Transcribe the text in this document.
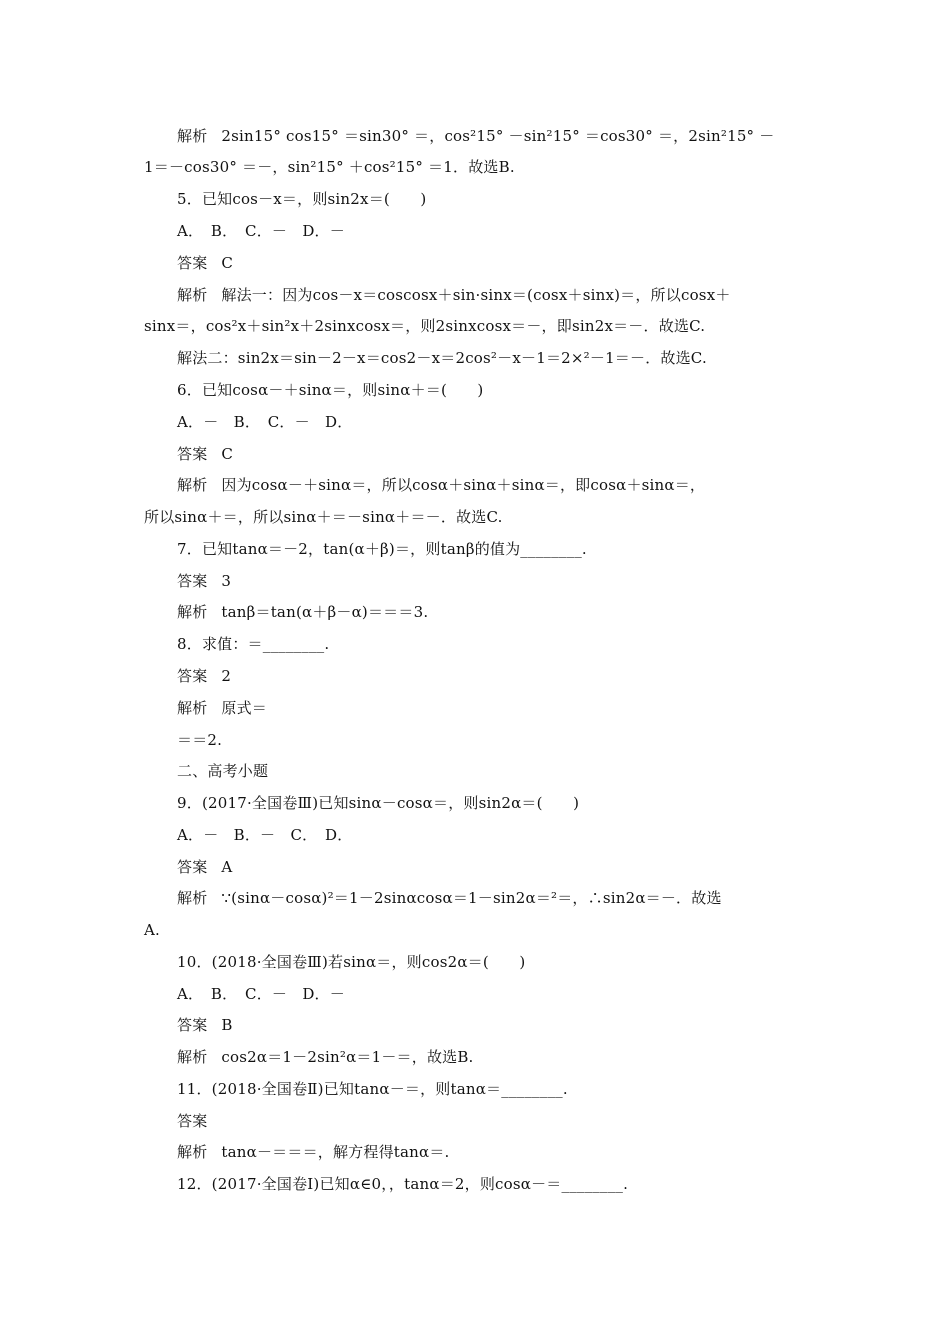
解析 2sin15° cos15° ＝sin30° ＝，cos²15° －sin²15° ＝cos30° ＝，2sin²15° －
1＝－cos30° ＝－，sin²15° ＋cos²15° ＝1．故选B.
5．已知cos－x＝，则sin2x＝(　　)
A．　B．　C．－　D．－
答案 C
解析 解法一：因为cos－x＝coscosx＋sin·sinx＝(cosx＋sinx)＝，所以cosx＋
sinx＝，cos²x＋sin²x＋2sinxcosx＝，则2sinxcosx＝－，即sin2x＝－．故选C.
解法二：sin2x＝sin－2－x＝cos2－x＝2cos²－x－1＝2×²－1＝－．故选C.
6．已知cosα－＋sinα＝，则sinα＋＝(　　)
A．－　B．　C．－　D．
答案 C
解析 因为cosα－＋sinα＝，所以cosα＋sinα＋sinα＝，即cosα＋sinα＝，
所以sinα＋＝，所以sinα＋＝－sinα＋＝－．故选C.
7．已知tanα＝－2，tan(α＋β)＝，则tanβ的值为________.
答案 3
解析 tanβ＝tan(α＋β－α)＝＝＝3.
8．求值：＝________.
答案 2
解析 原式＝
＝＝2.
二、高考小题
9．(2017·全国卷Ⅲ)已知sinα－cosα＝，则sin2α＝(　　)
A．－　B．－　C．　D．
答案 A
解析 ∵(sinα－cosα)²＝1－2sinαcosα＝1－sin2α＝²＝，∴sin2α＝－．故选
A.
10．(2018·全国卷Ⅲ)若sinα＝，则cos2α＝(　　)
A．　B．　C．－　D．－
答案 B
解析 cos2α＝1－2sin²α＝1－＝，故选B.
11．(2018·全国卷Ⅱ)已知tanα－＝，则tanα＝________.
答案
解析 tanα－＝＝＝，解方程得tanα＝.
12．(2017·全国卷Ⅰ)已知α∈0，，tanα＝2，则cosα－＝________.
